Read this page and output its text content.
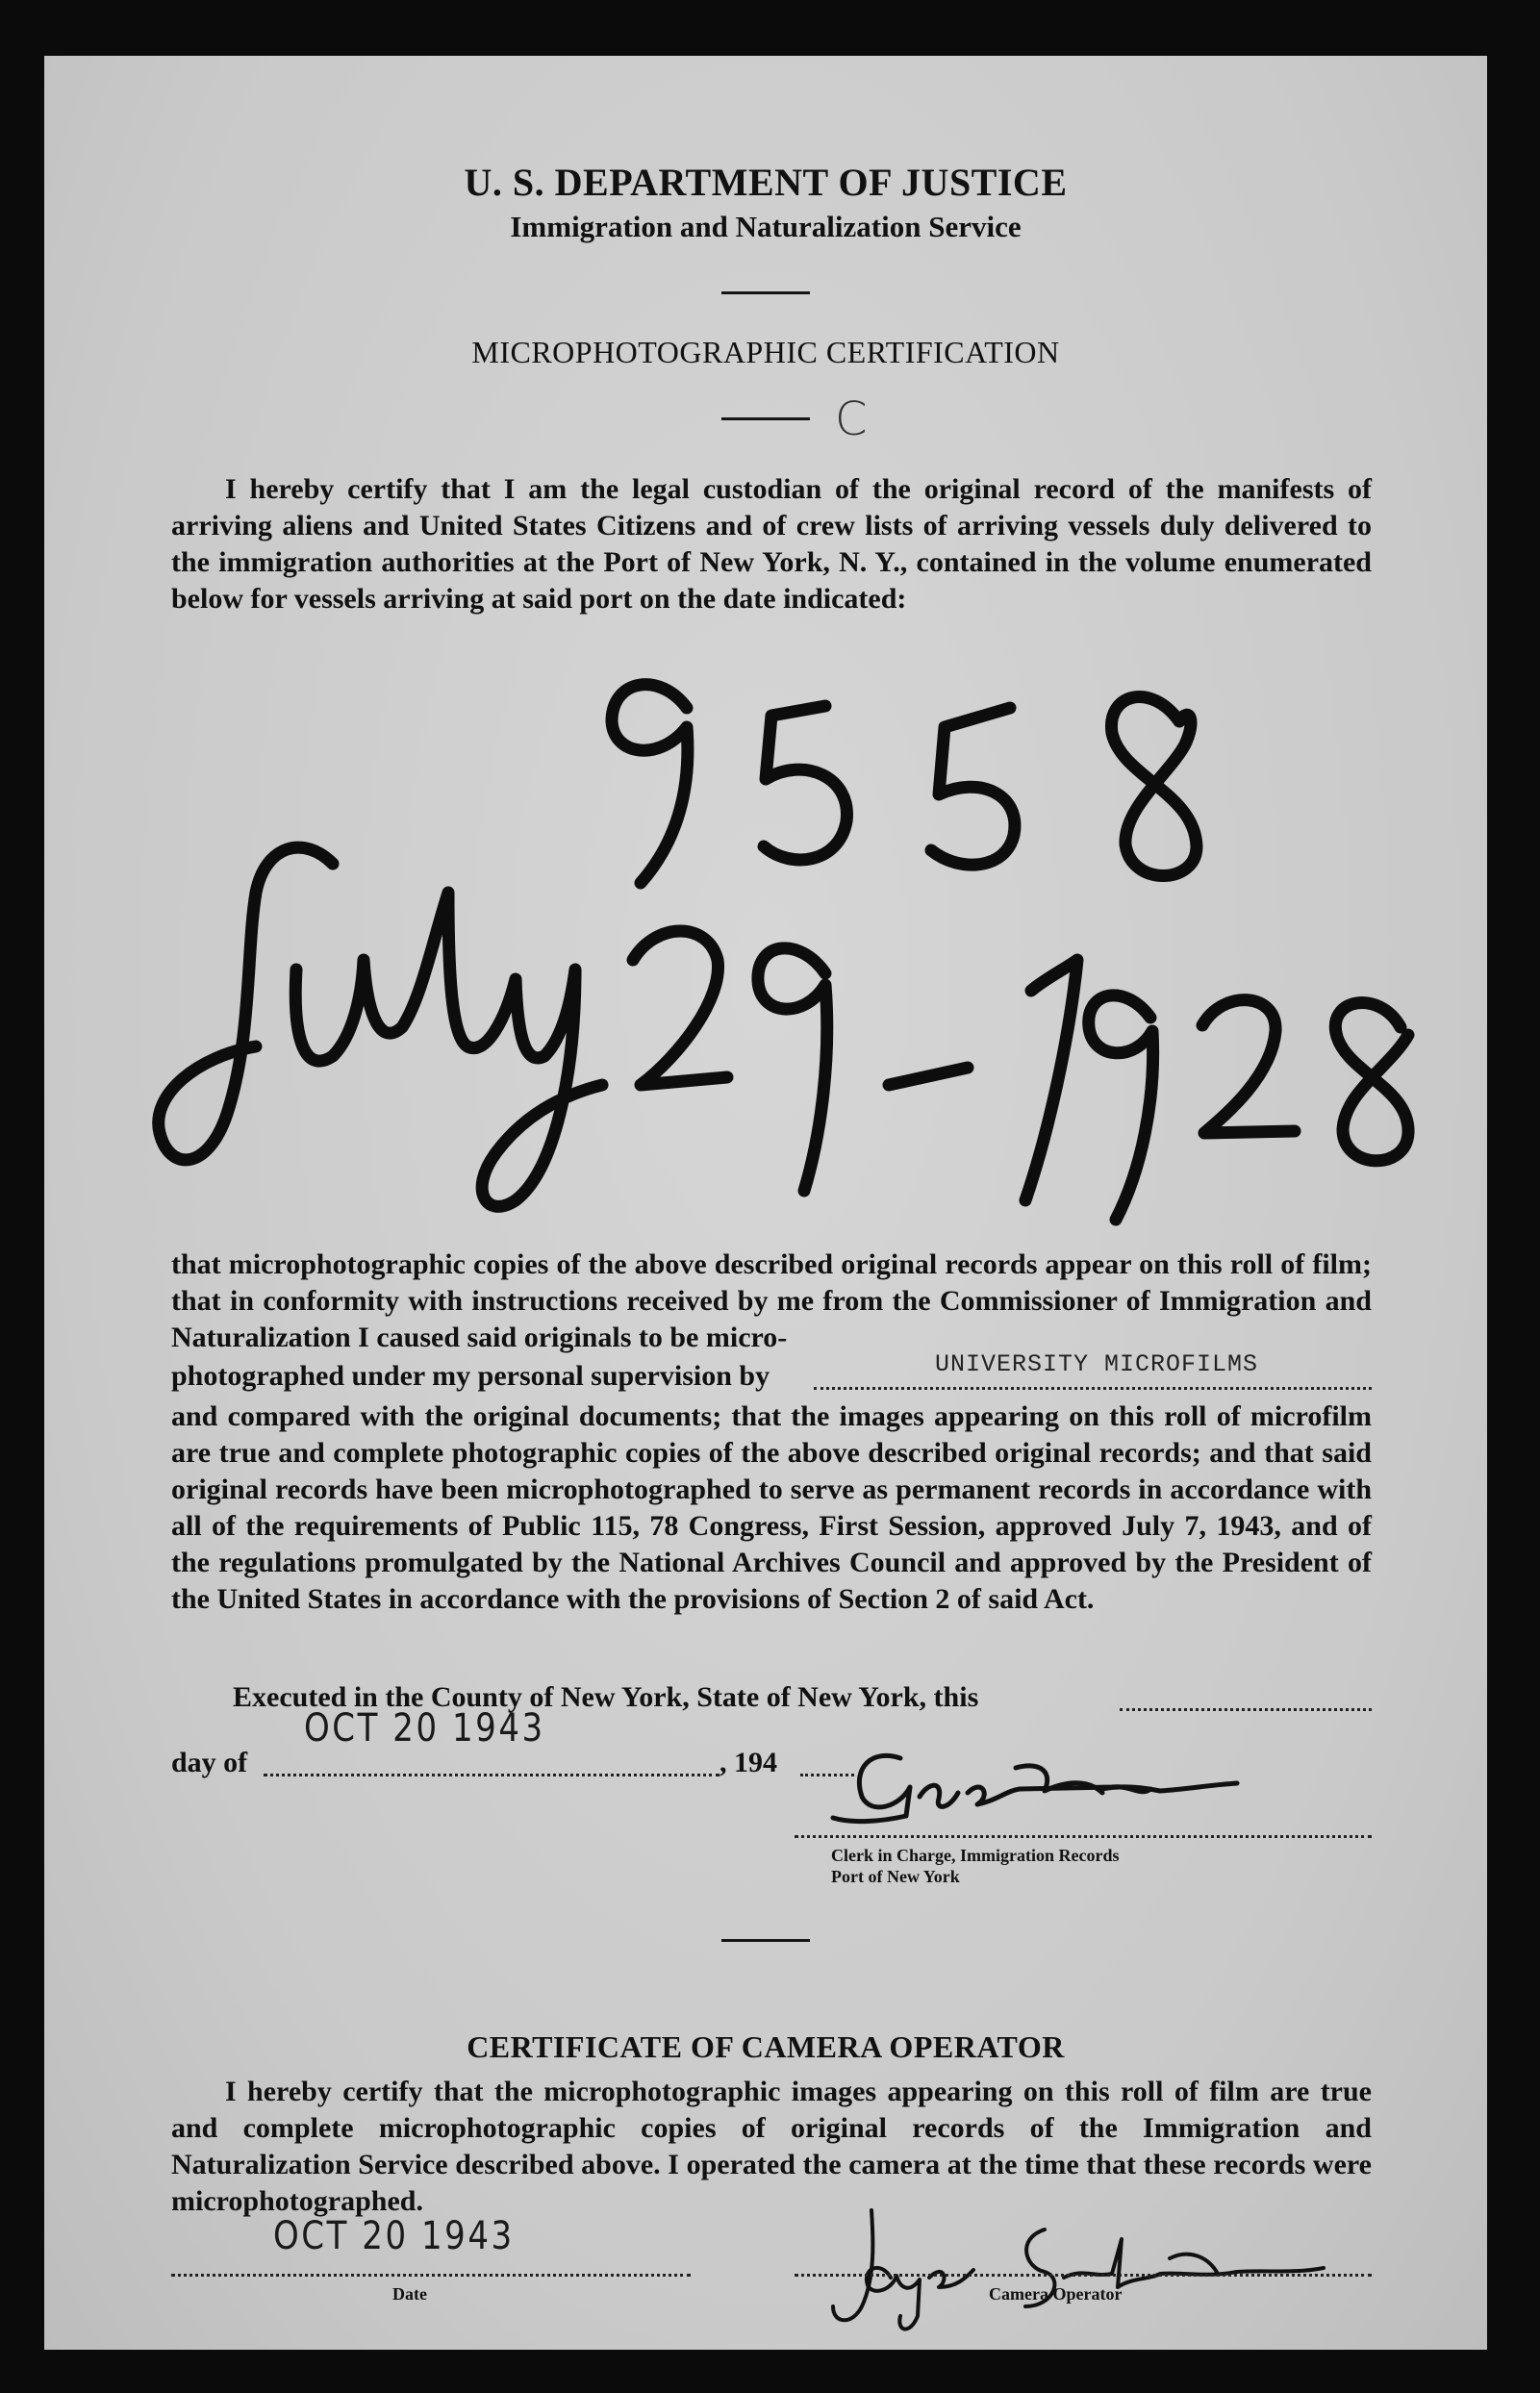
U. S. DEPARTMENT OF JUSTICE
Immigration and Naturalization Service
MICROPHOTOGRAPHIC CERTIFICATION
C

I hereby certify that I am the legal custodian of the original record of the manifests of arriving aliens and United States Citizens and of crew lists of arriving vessels duly delivered to the immigration authorities at the Port of New York, N. Y., contained in the volume enumerated below for vessels arriving at said port on the date indicated:

that microphotographic copies of the above described original records appear on this roll of film; that in conformity with instructions received by me from the Commissioner of Immigration and Naturalization I caused said originals to be micro-

photographed under my personal supervision by	UNIVERSITY MICROFILMS

and compared with the original documents; that the images appearing on this roll of microfilm are true and complete photographic copies of the above described original records; and that said original records have been microphotographed to serve as permanent records in accordance with all of the requirements of Public 115, 78 Congress, First Session, approved July 7, 1943, and of the regulations promulgated by the National Archives Council and approved by the President of the United States in accordance with the provisions of Section 2 of said Act.

Executed in the County of New York, State of New York, this
day of
OCT 20 1943
, 194
Clerk in Charge, Immigration Records
Port of New York
CERTIFICATE OF CAMERA OPERATOR

I hereby certify that the microphotographic images appearing on this roll of film are true and complete microphotographic copies of original records of the Immigration and Naturalization Service described above. I operated the camera at the time that these records were microphotographed.

OCT 20 1943
Date	Camera Operator
